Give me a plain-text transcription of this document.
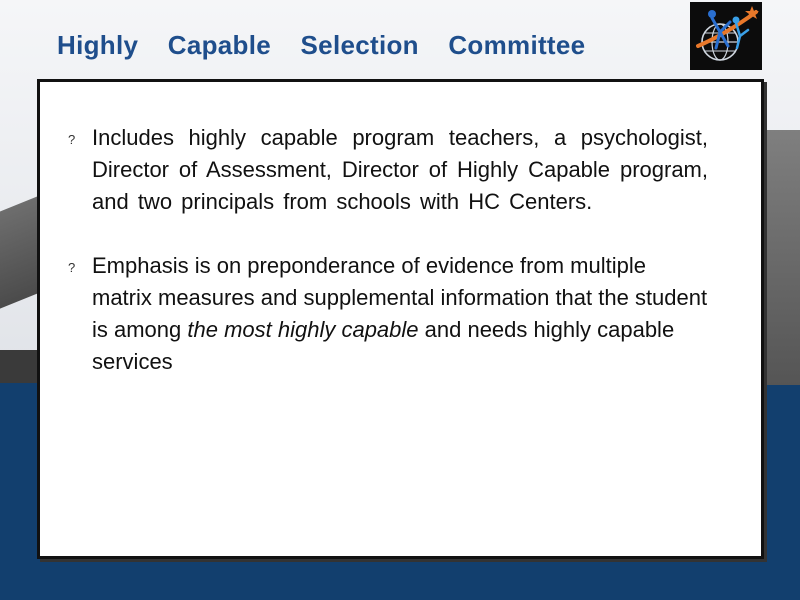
Highly Capable Selection Committee
? Includes highly capable program teachers, a psychologist, Director of Assessment, Director of Highly Capable program, and two principals from schools with HC Centers.
? Emphasis is on preponderance of evidence from multiple matrix measures and supplemental information that the student is among the most highly capable and needs highly capable services
